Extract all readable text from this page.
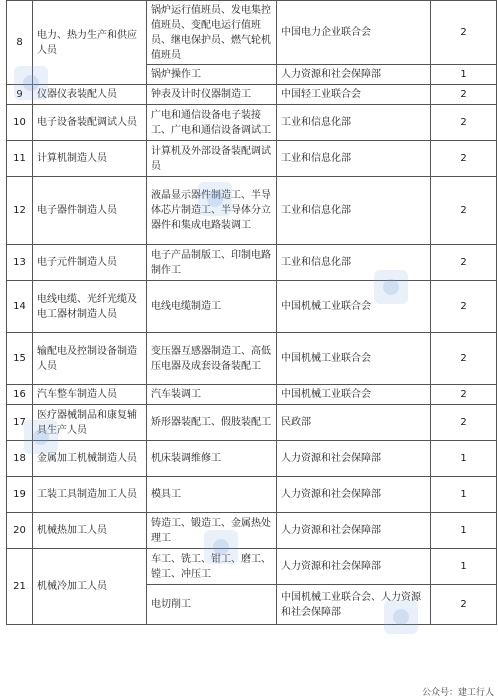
8	电力、热力生产和供应人员	锅炉运行值班员、发电集控值班员、变配电运行值班员、继电保护员、燃气轮机值班员	中国电力企业联合会	2
		锅炉操作工	人力资源和社会保障部	1
9	仪器仪表装配人员	钟表及计时仪器制造工	中国轻工业联合会	2
10	电子设备装配调试人员	广电和通信设备电子装接工、广电和通信设备调试工	工业和信息化部	2
11	计算机制造人员	计算机及外部设备装配调试员	工业和信息化部	2
12	电子器件制造人员	液晶显示器件制造工、半导体芯片制造工、半导体分立器件和集成电路装调工	工业和信息化部	2
13	电子元件制造人员	电子产品制版工、印制电路制作工	工业和信息化部	2
14	电线电缆、光纤光缆及电工器材制造人员	电线电缆制造工	中国机械工业联合会	2
15	输配电及控制设备制造人员	变压器互感器制造工、高低压电器及成套设备装配工	中国机械工业联合会	2
16	汽车整车制造人员	汽车装调工	中国机械工业联合会	2
17	医疗器械制品和康复辅具生产人员	矫形器装配工、假肢装配工	民政部	2
18	金属加工机械制造人员	机床装调维修工	人力资源和社会保障部	1
19	工装工具制造加工人员	模具工	人力资源和社会保障部	1
20	机械热加工人员	铸造工、锻造工、金属热处理工	人力资源和社会保障部	1
21	机械冷加工人员	车工、铣工、钳工、磨工、镗工、冲压工	人力资源和社会保障部	1
		电切削工	中国机械工业联合会、人力资源和社会保障部	2
公众号：建工行人
